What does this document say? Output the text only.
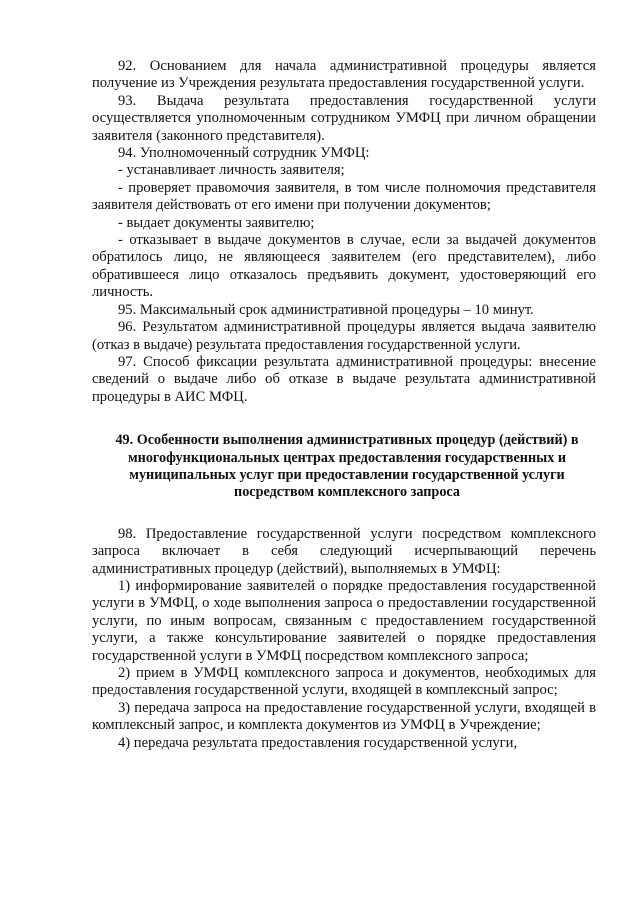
92. Основанием для начала административной процедуры является получение из Учреждения результата предоставления государственной услуги.

93. Выдача результата предоставления государственной услуги осуществляется уполномоченным сотрудником УМФЦ при личном обращении заявителя (законного представителя).

94. Уполномоченный сотрудник УМФЦ:

- устанавливает личность заявителя;

- проверяет правомочия заявителя, в том числе полномочия представителя заявителя действовать от его имени при получении документов;

- выдает документы заявителю;

- отказывает в выдаче документов в случае, если за выдачей документов обратилось лицо, не являющееся заявителем (его представителем), либо обратившееся лицо отказалось предъявить документ, удостоверяющий его личность.

95. Максимальный срок административной процедуры – 10 минут.

96. Результатом административной процедуры является выдача заявителю (отказ в выдаче) результата предоставления государственной услуги.

97. Способ фиксации результата административной процедуры: внесение сведений о выдаче либо об отказе в выдаче результата административной процедуры в АИС МФЦ.

49. Особенности выполнения административных процедур (действий) в многофункциональных центрах предоставления государственных и муниципальных услуг при предоставлении государственной услуги посредством комплексного запроса

98. Предоставление государственной услуги посредством комплексного запроса включает в себя следующий исчерпывающий перечень административных процедур (действий), выполняемых в УМФЦ:

1) информирование заявителей о порядке предоставления государственной услуги в УМФЦ, о ходе выполнения запроса о предоставлении государственной услуги, по иным вопросам, связанным с предоставлением государственной услуги, а также консультирование заявителей о порядке предоставления государственной услуги в УМФЦ посредством комплексного запроса;

2) прием в УМФЦ комплексного запроса и документов, необходимых для предоставления государственной услуги, входящей в комплексный запрос;

3) передача запроса на предоставление государственной услуги, входящей в комплексный запрос, и комплекта документов из УМФЦ в Учреждение;

4) передача результата предоставления государственной услуги,
